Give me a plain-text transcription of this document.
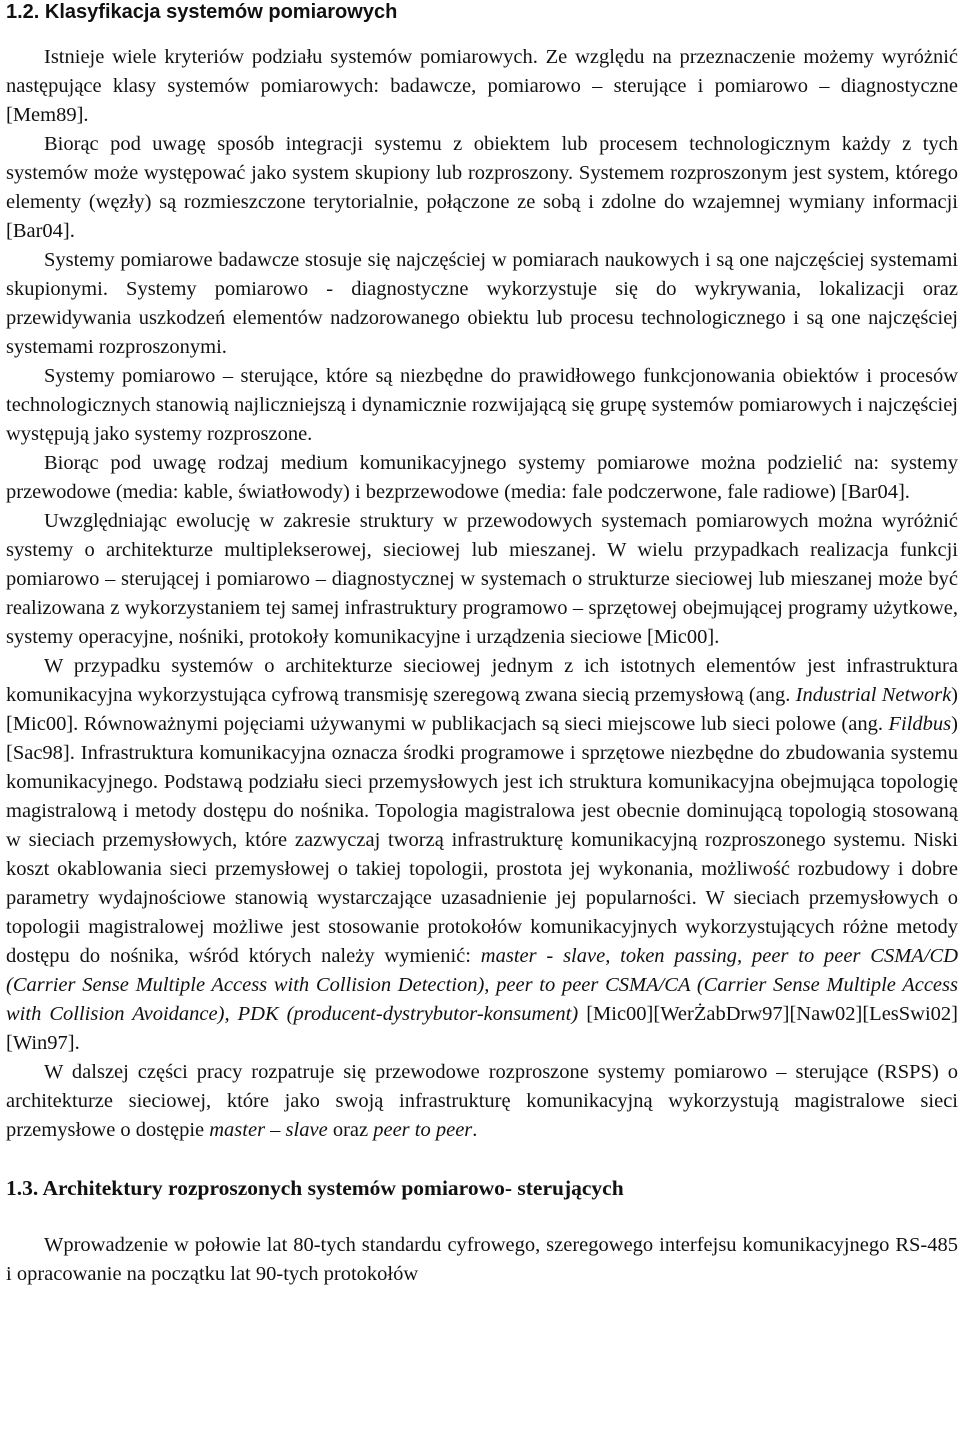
1.2. Klasyfikacja systemów pomiarowych

Istnieje wiele kryteriów podziału systemów pomiarowych. Ze względu na przeznaczenie możemy wyróżnić następujące klasy systemów pomiarowych: badawcze, pomiarowo – sterujące i pomiarowo – diagnostyczne [Mem89].

Biorąc pod uwagę sposób integracji systemu z obiektem lub procesem technologicznym każdy z tych systemów może występować jako system skupiony lub rozproszony. Systemem rozproszonym jest system, którego elementy (węzły) są rozmieszczone terytorialnie, połączone ze sobą i zdolne do wzajemnej wymiany informacji [Bar04].

Systemy pomiarowe badawcze stosuje się najczęściej w pomiarach naukowych i są one najczęściej systemami skupionymi. Systemy pomiarowo - diagnostyczne wykorzystuje się do wykrywania, lokalizacji oraz przewidywania uszkodzeń elementów nadzorowanego obiektu lub procesu technologicznego i są one najczęściej systemami rozproszonymi.

Systemy pomiarowo – sterujące, które są niezbędne do prawidłowego funkcjonowania obiektów i procesów technologicznych stanowią najliczniejszą i dynamicznie rozwijającą się grupę systemów pomiarowych i najczęściej występują jako systemy rozproszone.

Biorąc pod uwagę rodzaj medium komunikacyjnego systemy pomiarowe można podzielić na: systemy przewodowe (media: kable, światłowody) i bezprzewodowe (media: fale podczerwone, fale radiowe) [Bar04].

Uwzględniając ewolucję w zakresie struktury w przewodowych systemach pomiarowych można wyróżnić systemy o architekturze multiplekserowej, sieciowej lub mieszanej. W wielu przypadkach realizacja funkcji pomiarowo – sterującej i pomiarowo – diagnostycznej w systemach o strukturze sieciowej lub mieszanej może być realizowana z wykorzystaniem tej samej infrastruktury programowo – sprzętowej obejmującej programy użytkowe, systemy operacyjne, nośniki, protokoły komunikacyjne i urządzenia sieciowe [Mic00].

W przypadku systemów o architekturze sieciowej jednym z ich istotnych elementów jest infrastruktura komunikacyjna wykorzystująca cyfrową transmisję szeregową zwana siecią przemysłową (ang. Industrial Network) [Mic00]. Równoważnymi pojęciami używanymi w publikacjach są sieci miejscowe lub sieci polowe (ang. Fildbus) [Sac98]. Infrastruktura komunikacyjna oznacza środki programowe i sprzętowe niezbędne do zbudowania systemu komunikacyjnego. Podstawą podziału sieci przemysłowych jest ich struktura komunikacyjna obejmująca topologię magistralową i metody dostępu do nośnika. Topologia magistralowa jest obecnie dominującą topologią stosowaną w sieciach przemysłowych, które zazwyczaj tworzą infrastrukturę komunikacyjną rozproszonego systemu. Niski koszt okablowania sieci przemysłowej o takiej topologii, prostota jej wykonania, możliwość rozbudowy i dobre parametry wydajnościowe stanowią wystarczające uzasadnienie jej popularności. W sieciach przemysłowych o topologii magistralowej możliwe jest stosowanie protokołów komunikacyjnych wykorzystujących różne metody dostępu do nośnika, wśród których należy wymienić: master - slave, token passing, peer to peer CSMA/CD (Carrier Sense Multiple Access with Collision Detection), peer to peer CSMA/CA (Carrier Sense Multiple Access with Collision Avoidance), PDK (producent-dystrybutor-konsument) [Mic00][WerŻabDrw97][Naw02][LesSwi02][Win97].

W dalszej części pracy rozpatruje się przewodowe rozproszone systemy pomiarowo – sterujące (RSPS) o architekturze sieciowej, które jako swoją infrastrukturę komunikacyjną wykorzystują magistralowe sieci przemysłowe o dostępie master – slave oraz peer to peer.

1.3. Architektury rozproszonych systemów pomiarowo- sterujących

Wprowadzenie w połowie lat 80-tych standardu cyfrowego, szeregowego interfejsu komunikacyjnego RS-485 i opracowanie na początku lat 90-tych protokołów
